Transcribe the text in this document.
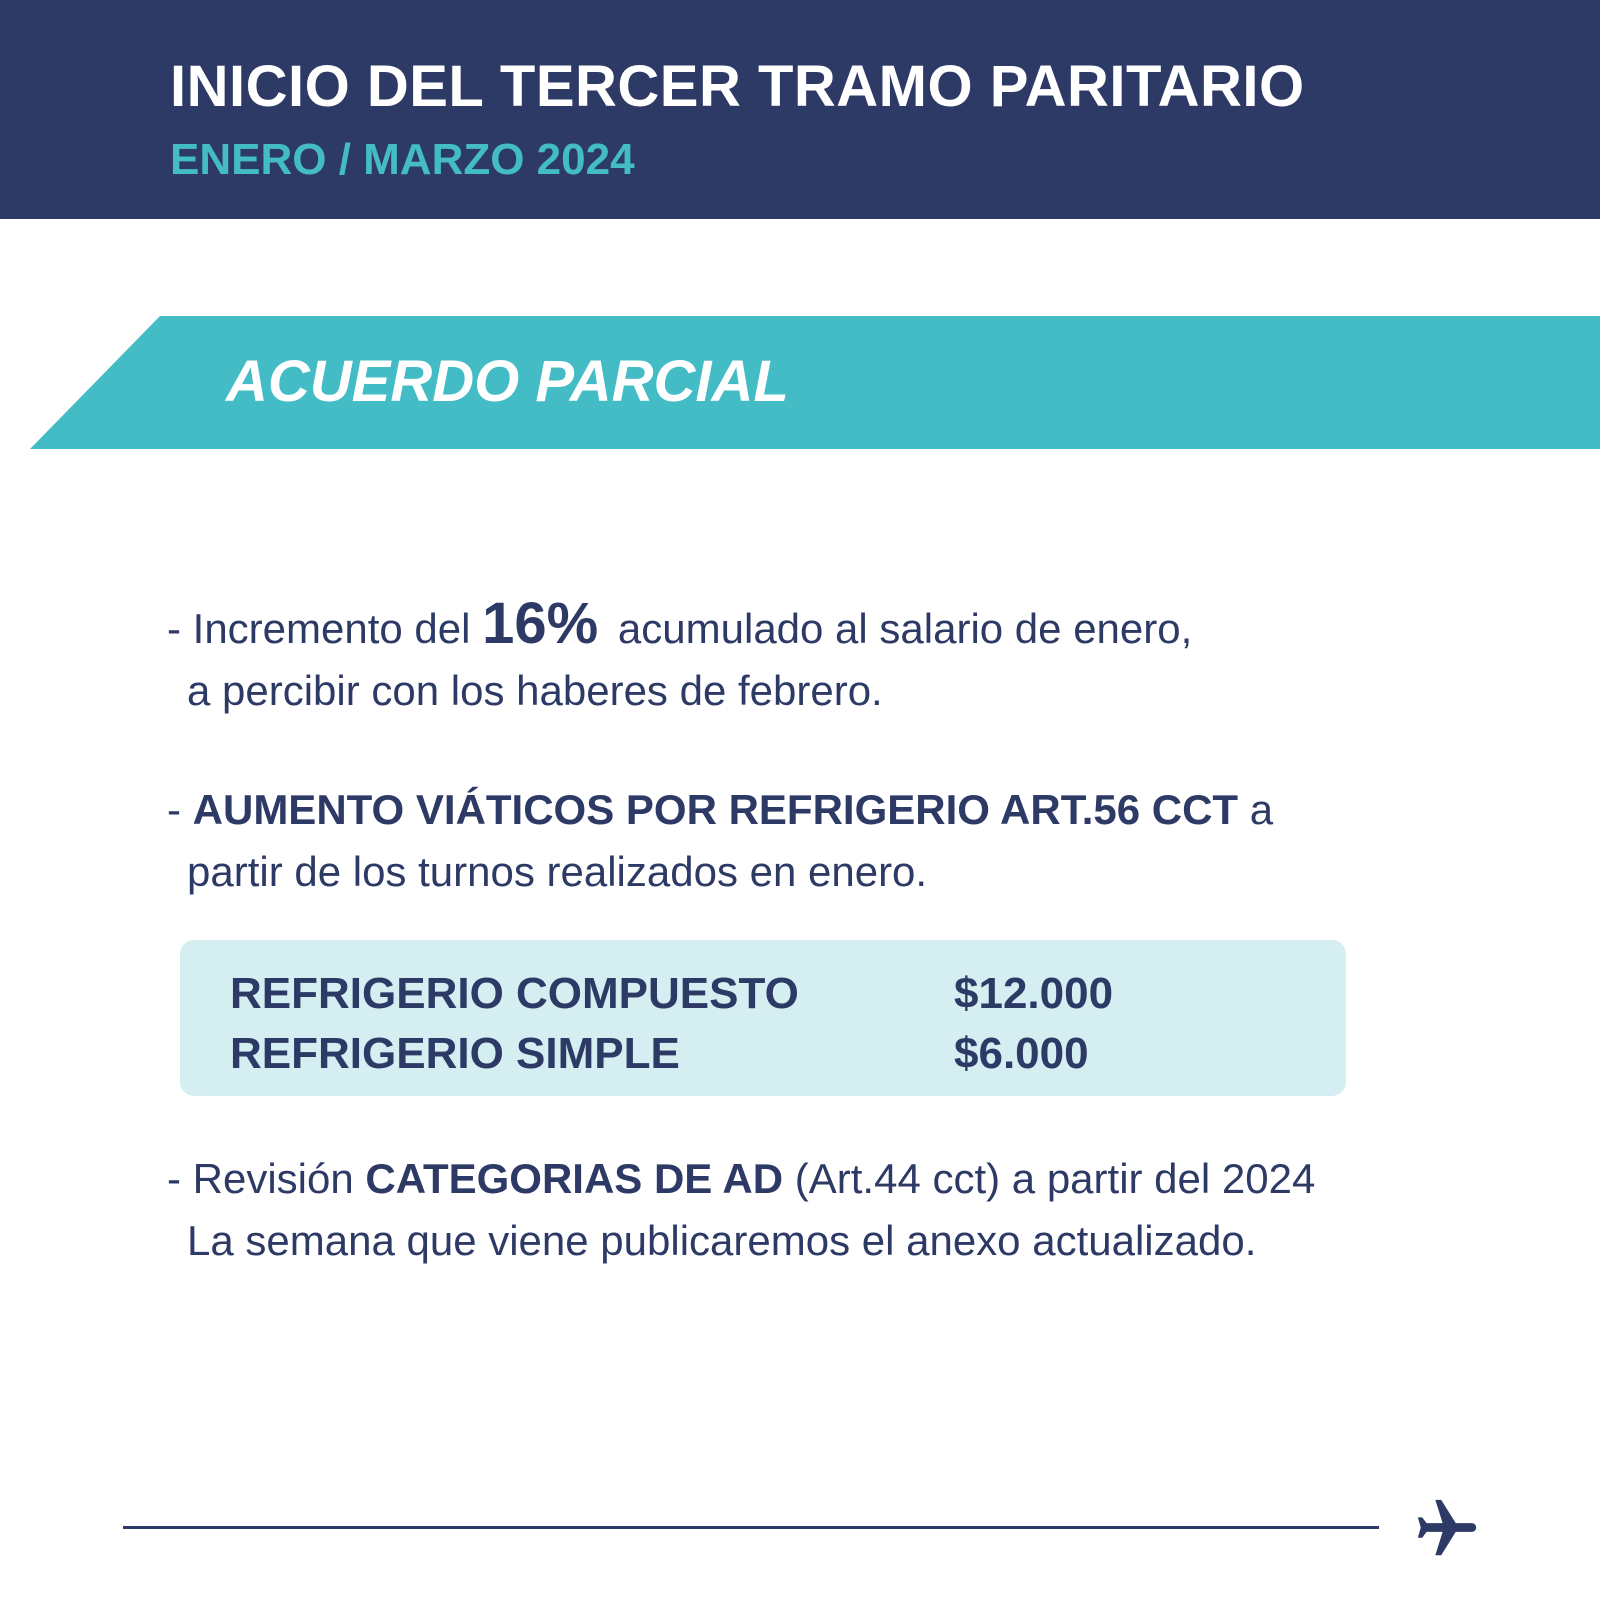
INICIO DEL TERCER TRAMO PARITARIO
ENERO / MARZO 2024
ACUERDO PARCIAL

- Incremento del 16% acumulado al salario de enero,

a percibir con los haberes de febrero.

- AUMENTO VIÁTICOS POR REFRIGERIO ART.56 CCT a

partir de los turnos realizados en enero.

REFRIGERIO COMPUESTO	$12.000
REFRIGERIO SIMPLE	$6.000

- Revisión CATEGORIAS DE AD (Art.44 cct) a partir del 2024

La semana que viene publicaremos el anexo actualizado.
